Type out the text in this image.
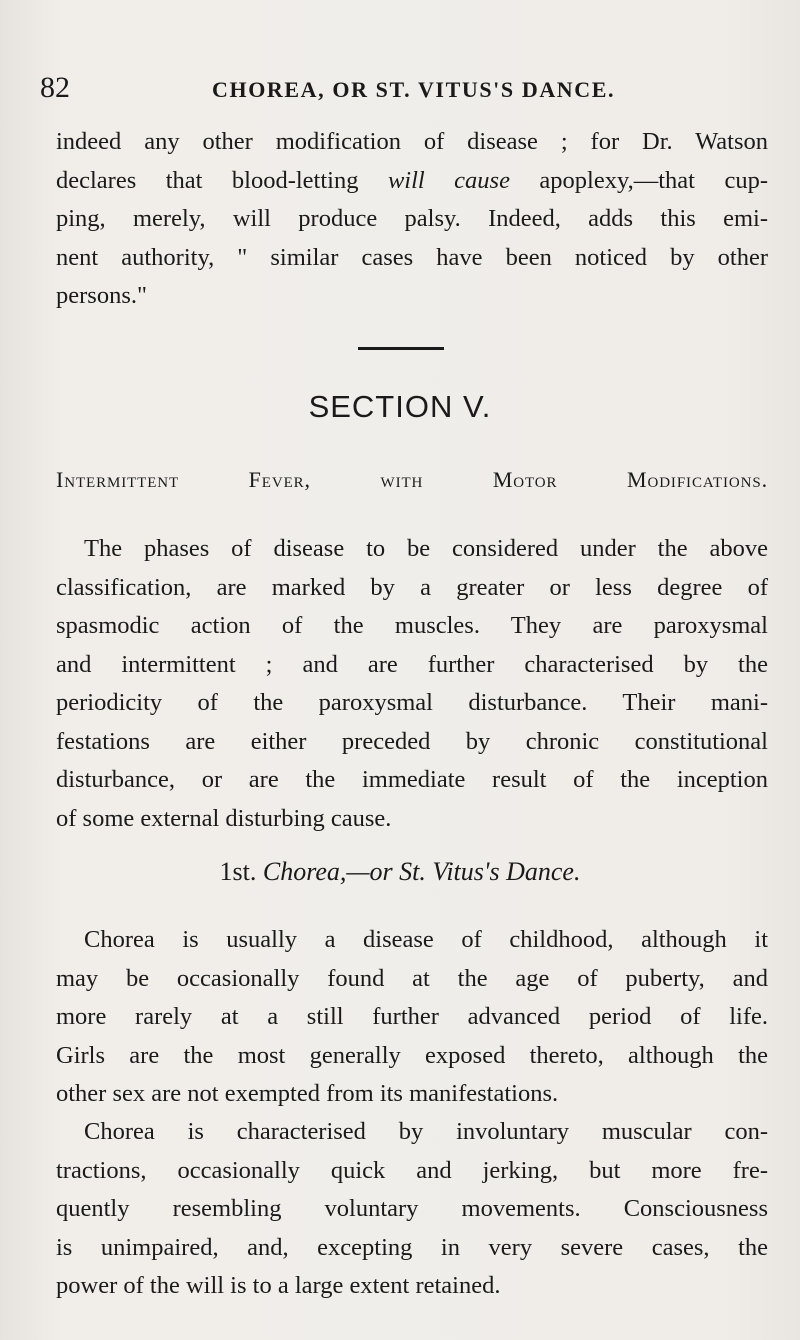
82	CHOREA, OR ST. VITUS'S DANCE.

indeed any other modification of disease ; for Dr. Watson
declares that blood-letting will cause apoplexy,—that cup-
ping, merely, will produce palsy. Indeed, adds this emi-
nent authority, " similar cases have been noticed by other
persons."

SECTION V.
Intermittent Fever, with Motor Modifications.

The phases of disease to be considered under the above
classification, are marked by a greater or less degree of
spasmodic action of the muscles. They are paroxysmal
and intermittent ; and are further characterised by the
periodicity of the paroxysmal disturbance. Their mani-
festations are either preceded by chronic constitutional
disturbance, or are the immediate result of the inception
of some external disturbing cause.

1st. Chorea,—or St. Vitus's Dance.

Chorea is usually a disease of childhood, although it
may be occasionally found at the age of puberty, and
more rarely at a still further advanced period of life.
Girls are the most generally exposed thereto, although the
other sex are not exempted from its manifestations.

Chorea is characterised by involuntary muscular con-
tractions, occasionally quick and jerking, but more fre-
quently resembling voluntary movements. Consciousness
is unimpaired, and, excepting in very severe cases, the
power of the will is to a large extent retained.
